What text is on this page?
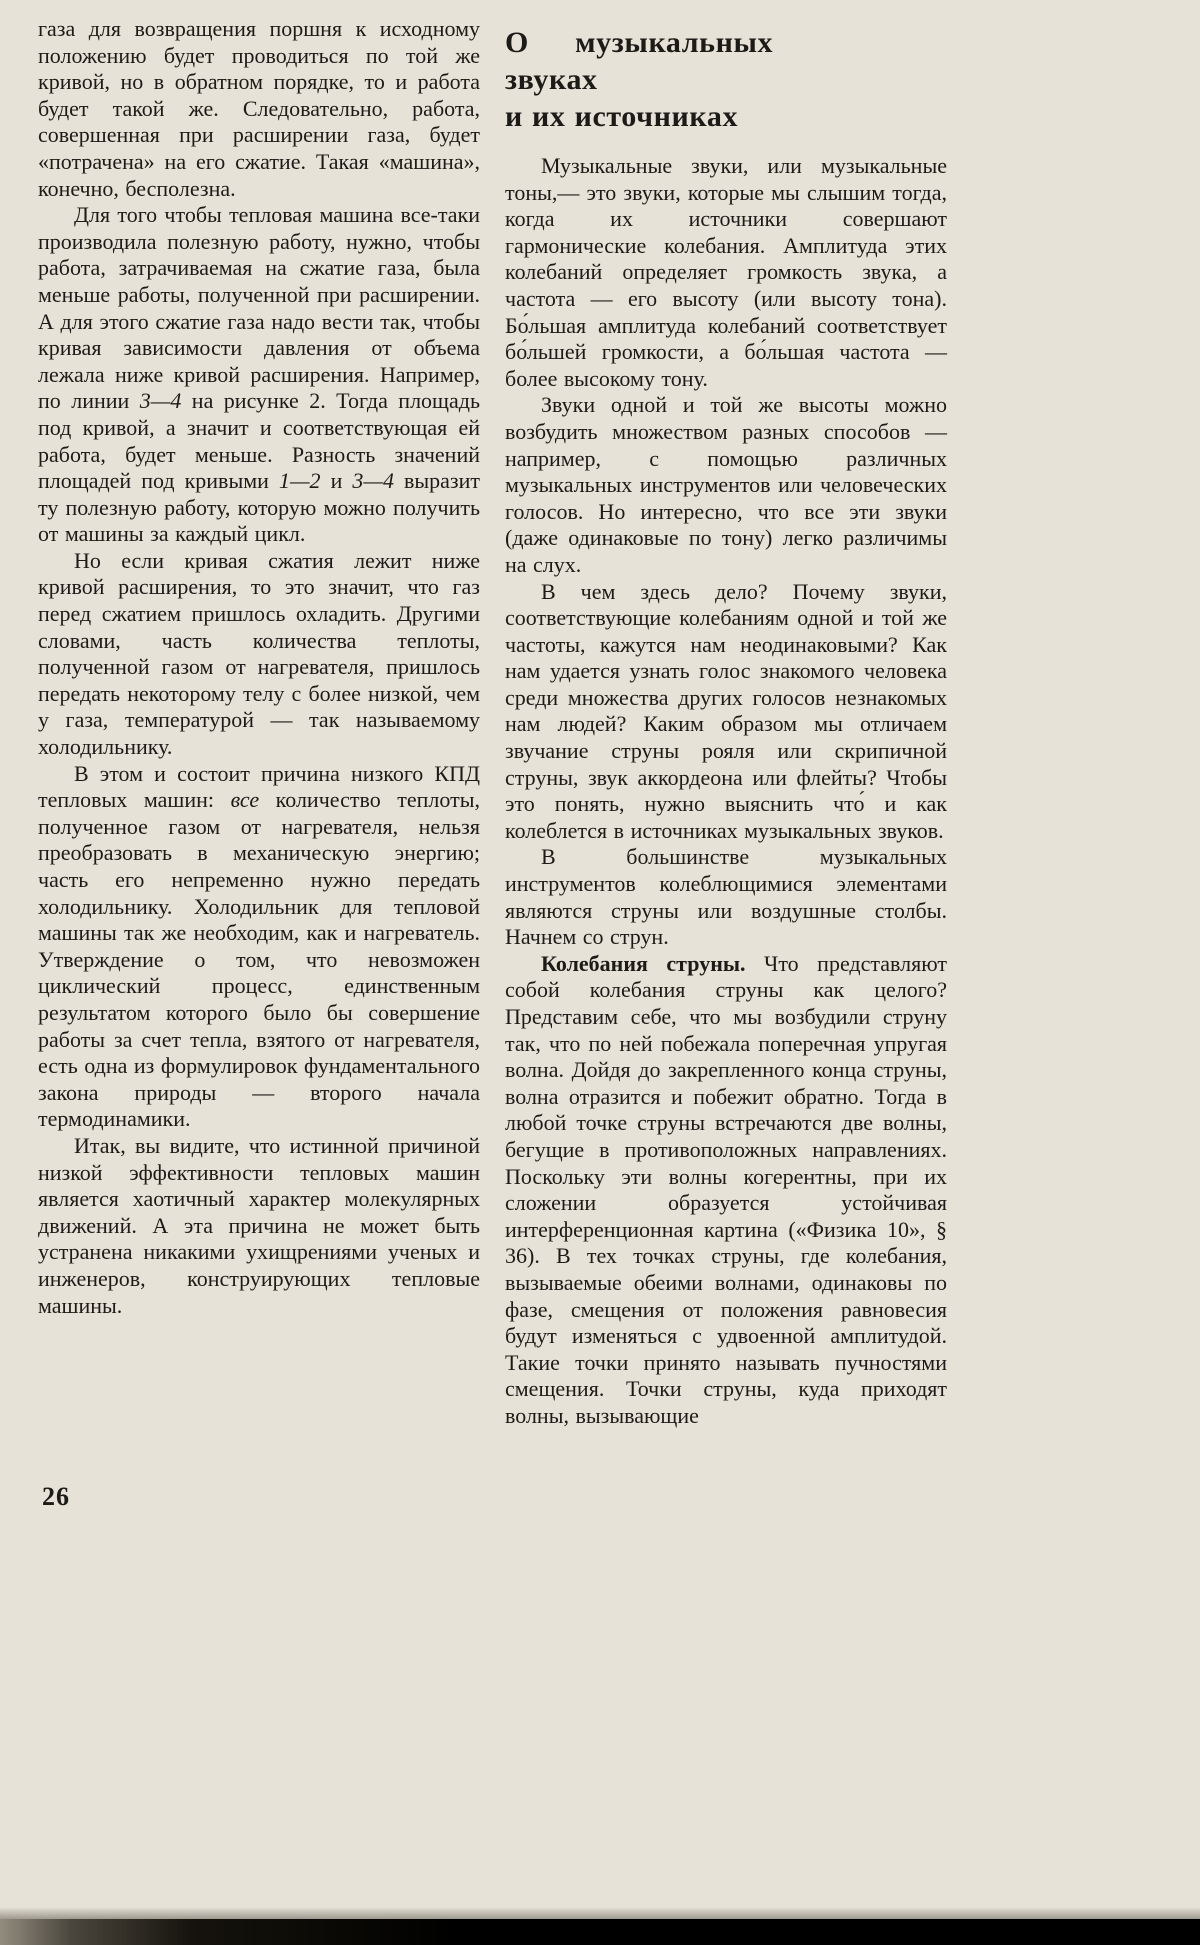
газа для возвращения поршня к исходному положению будет проводиться по той же кривой, но в обратном порядке, то и работа будет такой же. Следовательно, работа, совершенная при расширении газа, будет «потрачена» на его сжатие. Такая «машина», конечно, бесполезна.

Для того чтобы тепловая машина все-таки производила полезную работу, нужно, чтобы работа, затрачиваемая на сжатие газа, была меньше работы, полученной при расширении. А для этого сжатие газа надо вести так, чтобы кривая зависимости давления от объема лежала ниже кривой расширения. Например, по линии 3—4 на рисунке 2. Тогда площадь под кривой, а значит и соответствующая ей работа, будет меньше. Разность значений площадей под кривыми 1—2 и 3—4 выразит ту полезную работу, которую можно получить от машины за каждый цикл.

Но если кривая сжатия лежит ниже кривой расширения, то это значит, что газ перед сжатием пришлось охладить. Другими словами, часть количества теплоты, полученной газом от нагревателя, пришлось передать некоторому телу с более низкой, чем у газа, температурой — так называемому холодильнику.

В этом и состоит причина низкого КПД тепловых машин: все количество теплоты, полученное газом от нагревателя, нельзя преобразовать в механическую энергию; часть его непременно нужно передать холодильнику. Холодильник для тепловой машины так же необходим, как и нагреватель. Утверждение о том, что невозможен циклический процесс, единственным результатом которого было бы совершение работы за счет тепла, взятого от нагревателя, есть одна из формулировок фундаментального закона природы — второго начала термодинамики.

Итак, вы видите, что истинной причиной низкой эффективности тепловых машин является хаотичный характер молекулярных движений. А эта причина не может быть устранена никакими ухищрениями ученых и инженеров, конструирующих тепловые машины.

О  музыкальных
звуках
и их источниках

Музыкальные звуки, или музыкальные тоны,— это звуки, которые мы слышим тогда, когда их источники совершают гармонические колебания. Амплитуда этих колебаний определяет громкость звука, а частота — его высоту (или высоту тона). Бо́льшая амплитуда колебаний соответствует бо́льшей громкости, а бо́льшая частота — более высокому тону.

Звуки одной и той же высоты можно возбудить множеством разных способов — например, с помощью различных музыкальных инструментов или человеческих голосов. Но интересно, что все эти звуки (даже одинаковые по тону) легко различимы на слух.

В чем здесь дело? Почему звуки, соответствующие колебаниям одной и той же частоты, кажутся нам неодинаковыми? Как нам удается узнать голос знакомого человека среди множества других голосов незнакомых нам людей? Каким образом мы отличаем звучание струны рояля или скрипичной струны, звук аккордеона или флейты? Чтобы это понять, нужно выяснить что́ и как колеблется в источниках музыкальных звуков.

В большинстве музыкальных инструментов колеблющимися элементами являются струны или воздушные столбы. Начнем со струн.

Колебания струны. Что представляют собой колебания струны как целого? Представим себе, что мы возбудили струну так, что по ней побежала поперечная упругая волна. Дойдя до закрепленного конца струны, волна отразится и побежит обратно. Тогда в любой точке струны встречаются две волны, бегущие в противоположных направлениях. Поскольку эти волны когерентны, при их сложении образуется устойчивая интерференционная картина («Физика 10», § 36). В тех точках струны, где колебания, вызываемые обеими волнами, одинаковы по фазе, смещения от положения равновесия будут изменяться с удвоенной амплитудой. Такие точки принято называть пучностями смещения. Точки струны, куда приходят волны, вызывающие

26
